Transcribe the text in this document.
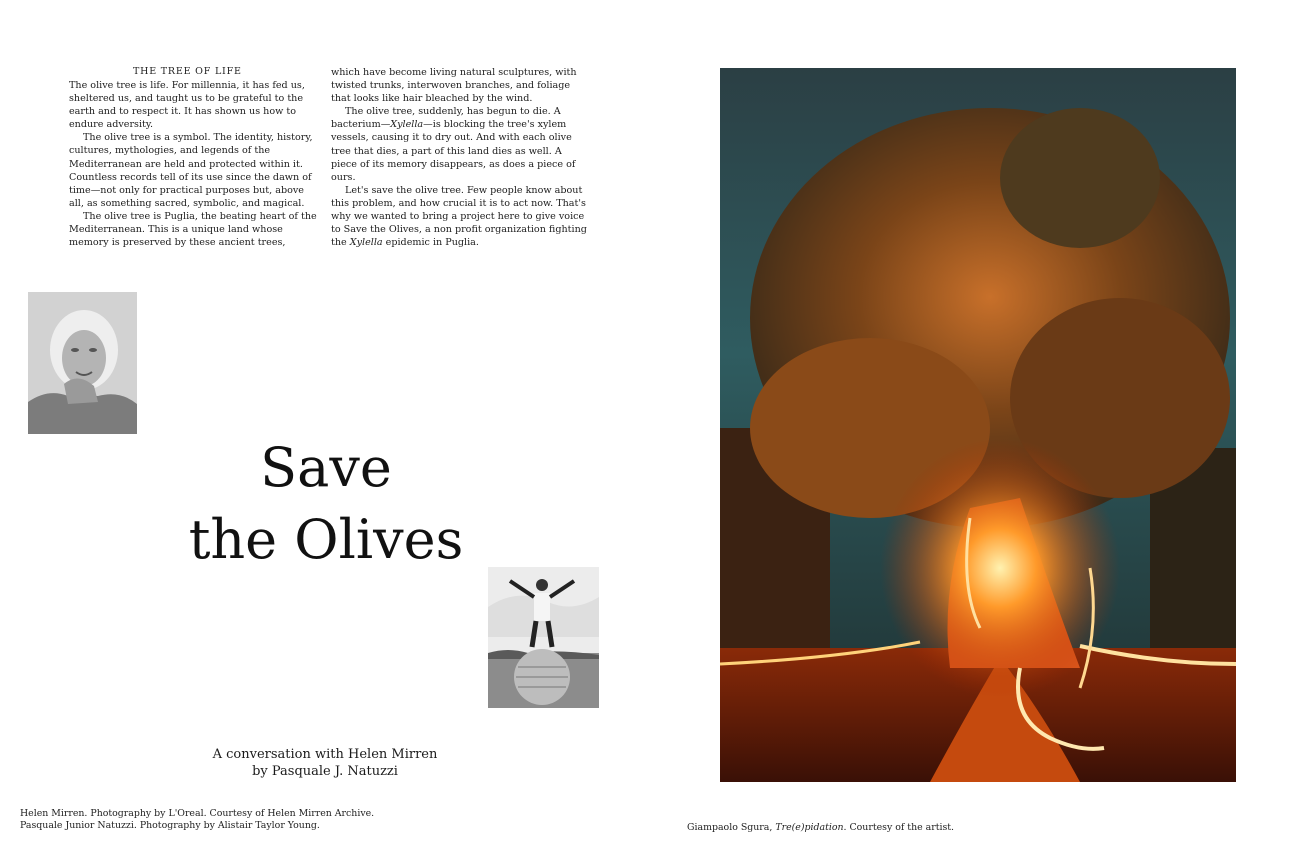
THE TREE OF LIFE

The olive tree is life. For millennia, it has fed us, sheltered us, and taught us to be grateful to the earth and to respect it. It has shown us how to endure adversity.

The olive tree is a symbol. The identity, history, cultures, mythologies, and legends of the Mediterranean are held and protected within it. Countless records tell of its use since the dawn of time—not only for practical purposes but, above all, as something sacred, symbolic, and magical.

The olive tree is Puglia, the beating heart of the Mediterranean. This is a unique land whose memory is preserved by these ancient trees,

which have become living natural sculptures, with twisted trunks, interwoven branches, and foliage that looks like hair bleached by the wind.

The olive tree, suddenly, has begun to die. A bacterium—Xylella—is blocking the tree's xylem vessels, causing it to dry out. And with each olive tree that dies, a part of this land dies as well. A piece of its memory disappears, as does a piece of ours.

Let's save the olive tree. Few people know about this problem, and how crucial it is to act now. That's why we wanted to bring a project here to give voice to Save the Olives, a non profit organization fighting the Xylella epidemic in Puglia.

Save
the Olives
A conversation with Helen Mirren
by Pasquale J. Natuzzi
Helen Mirren. Photography by L'Oreal. Courtesy of Helen Mirren Archive.
Pasquale Junior Natuzzi. Photography by Alistair Taylor Young.	Giampaolo Sgura, Tre(e)pidation. Courtesy of the artist.
